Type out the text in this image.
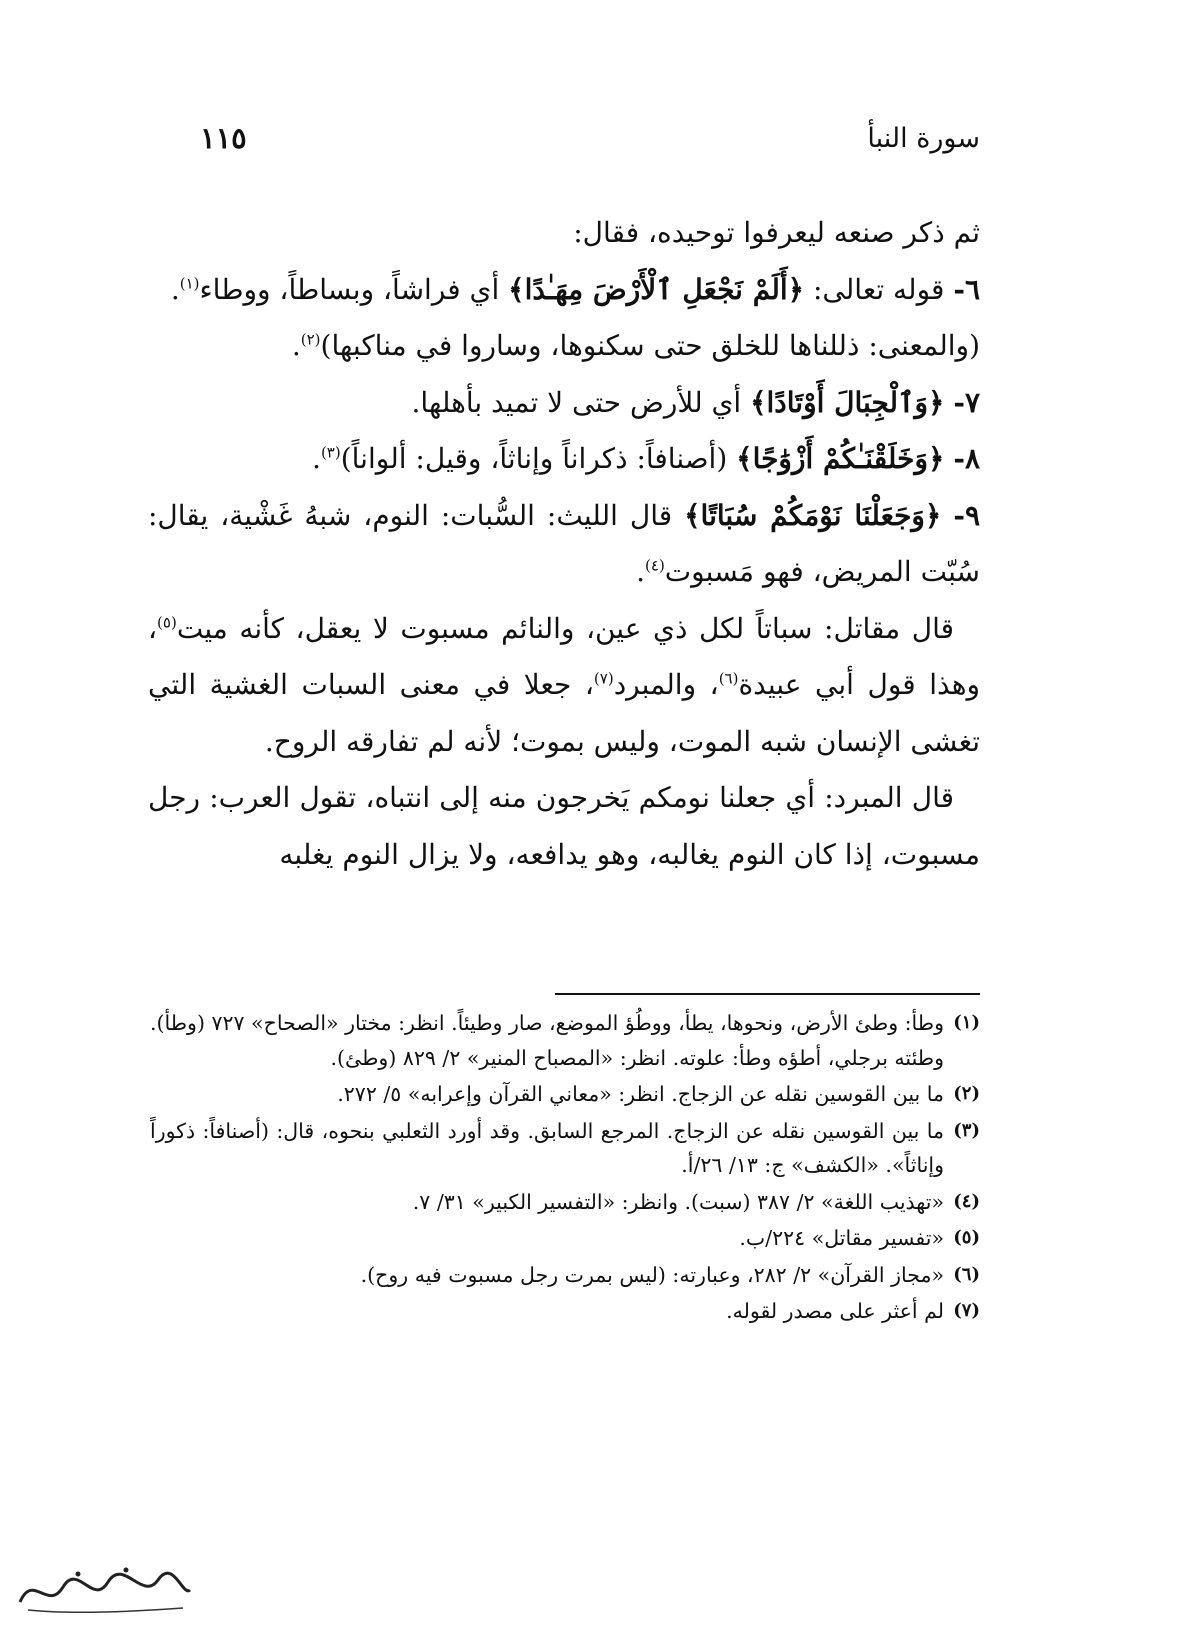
سورة النبأ
١١٥

ثم ذكر صنعه ليعرفوا توحيده، فقال:

٦- قوله تعالى: ﴿أَلَمْ نَجْعَلِ ٱلْأَرْضَ مِهَـٰدًا﴾ أي فراشاً، وبساطاً، ووطاء$^{(١)}$.

(والمعنى: ذللناها للخلق حتى سكنوها، وساروا في مناكبها)$^{(٢)}$.

٧- ﴿وَٱلْجِبَالَ أَوْتَادًا﴾ أي للأرض حتى لا تميد بأهلها.

٨- ﴿وَخَلَقْنَـٰكُمْ أَزْوَٰجًا﴾ (أصنافاً: ذكراناً وإناثاً، وقيل: ألواناً)$^{(٣)}$.

٩- ﴿وَجَعَلْنَا نَوْمَكُمْ سُبَاتًا﴾ قال الليث: السُّبات: النوم، شبهُ غَشْية، يقال: سُبّت المريض، فهو مَسبوت$^{(٤)}$.

قال مقاتل: سباتاً لكل ذي عين، والنائم مسبوت لا يعقل، كأنه ميت$^{(٥)}$، وهذا قول أبي عبيدة$^{(٦)}$، والمبرد$^{(٧)}$، جعلا في معنى السبات الغشية التي تغشى الإنسان شبه الموت، وليس بموت؛ لأنه لم تفارقه الروح.

قال المبرد: أي جعلنا نومكم يَخرجون منه إلى انتباه، تقول العرب: رجل مسبوت، إذا كان النوم يغالبه، وهو يدافعه، ولا يزال النوم يغلبه

(١)
وطأ: وطئ الأرض، ونحوها، يطأ، ووطُؤ الموضع، صار وطيئاً. انظر: مختار «الصحاح» ٧٢٧ (وطأ). وطئته برجلي، أطؤه وطأ: علوته. انظر: «المصباح المنير» ٢/ ٨٢٩ (وطئ).
(٢)
ما بين القوسين نقله عن الزجاج. انظر: «معاني القرآن وإعرابه» ٥/ ٢٧٢.
(٣)
ما بين القوسين نقله عن الزجاج. المرجع السابق. وقد أورد الثعلبي بنحوه، قال: (أصنافاً: ذكوراً وإناثاً». «الكشف» ج: ١٣/ ٢٦/أ.
(٤)
«تهذيب اللغة» ٢/ ٣٨٧ (سبت). وانظر: «التفسير الكبير» ٣١/ ٧.
(٥)
«تفسير مقاتل» ٢٢٤/ب.
(٦)
«مجاز القرآن» ٢/ ٢٨٢، وعبارته: (ليس بمرت رجل مسبوت فيه روح).
(٧)
لم أعثر على مصدر لقوله.
